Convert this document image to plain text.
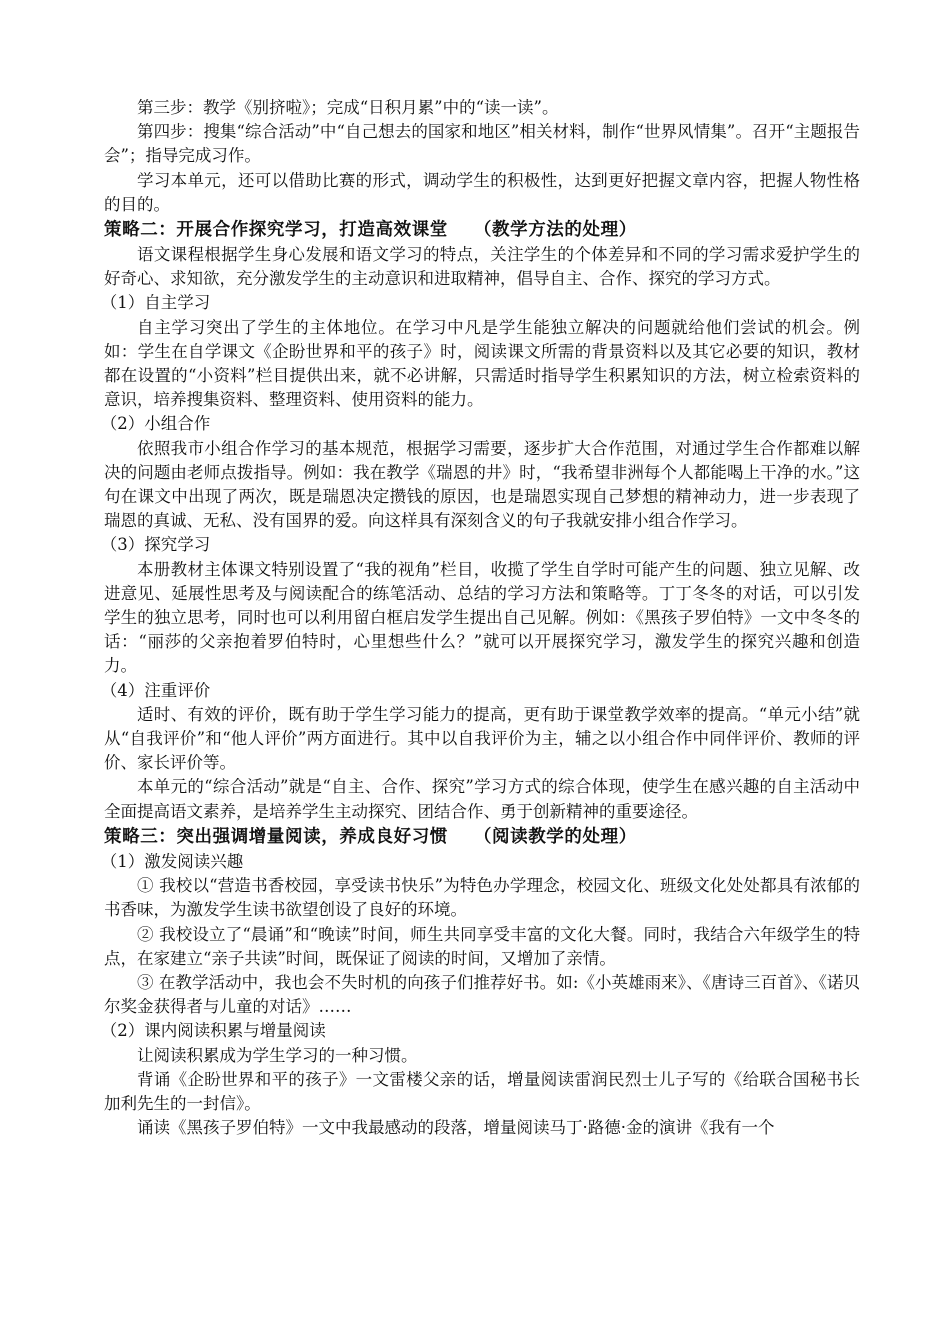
第三步：教学《别挤啦》；完成“日积月累”中的“读一读”。

第四步：搜集“综合活动”中“自己想去的国家和地区”相关材料，制作“世界风情集”。召开“主题报告会”；指导完成习作。

学习本单元，还可以借助比赛的形式，调动学生的积极性，达到更好把握文章内容，把握人物性格的目的。

策略二：开展合作探究学习，打造高效课堂 （教学方法的处理）

语文课程根据学生身心发展和语文学习的特点，关注学生的个体差异和不同的学习需求爱护学生的好奇心、求知欲，充分激发学生的主动意识和进取精神，倡导自主、合作、探究的学习方式。

（1）自主学习

自主学习突出了学生的主体地位。在学习中凡是学生能独立解决的问题就给他们尝试的机会。例如：学生在自学课文《企盼世界和平的孩子》时，阅读课文所需的背景资料以及其它必要的知识，教材都在设置的“小资料”栏目提供出来，就不必讲解，只需适时指导学生积累知识的方法，树立检索资料的意识，培养搜集资料、整理资料、使用资料的能力。

（2）小组合作

依照我市小组合作学习的基本规范，根据学习需要，逐步扩大合作范围，对通过学生合作都难以解决的问题由老师点拨指导。例如：我在教学《瑞恩的井》时，“我希望非洲每个人都能喝上干净的水。”这句在课文中出现了两次，既是瑞恩决定攒钱的原因，也是瑞恩实现自己梦想的精神动力，进一步表现了瑞恩的真诚、无私、没有国界的爱。向这样具有深刻含义的句子我就安排小组合作学习。

（3）探究学习

本册教材主体课文特别设置了“我的视角”栏目，收揽了学生自学时可能产生的问题、独立见解、改进意见、延展性思考及与阅读配合的练笔活动、总结的学习方法和策略等。丁丁冬冬的对话，可以引发学生的独立思考，同时也可以利用留白框启发学生提出自己见解。例如：《黑孩子罗伯特》一文中冬冬的话：“丽莎的父亲抱着罗伯特时，心里想些什么？”就可以开展探究学习，激发学生的探究兴趣和创造力。

（4）注重评价

适时、有效的评价，既有助于学生学习能力的提高，更有助于课堂教学效率的提高。“单元小结”就从“自我评价”和“他人评价”两方面进行。其中以自我评价为主，辅之以小组合作中同伴评价、教师的评价、家长评价等。

本单元的“综合活动”就是“自主、合作、探究”学习方式的综合体现，使学生在感兴趣的自主活动中全面提高语文素养，是培养学生主动探究、团结合作、勇于创新精神的重要途径。

策略三：突出强调增量阅读，养成良好习惯 （阅读教学的处理）

（1）激发阅读兴趣

① 我校以“营造书香校园，享受读书快乐”为特色办学理念，校园文化、班级文化处处都具有浓郁的书香味，为激发学生读书欲望创设了良好的环境。

② 我校设立了“晨诵”和“晚读”时间，师生共同享受丰富的文化大餐。同时，我结合六年级学生的特点，在家建立“亲子共读”时间，既保证了阅读的时间，又增加了亲情。

③ 在教学活动中，我也会不失时机的向孩子们推荐好书。如:《小英雄雨来》、《唐诗三百首》、《诺贝尔奖金获得者与儿童的对话》……

（2）课内阅读积累与增量阅读

让阅读积累成为学生学习的一种习惯。

背诵《企盼世界和平的孩子》一文雷楼父亲的话，增量阅读雷润民烈士儿子写的《给联合国秘书长加利先生的一封信》。

诵读《黑孩子罗伯特》一文中我最感动的段落，增量阅读马丁·路德·金的演讲《我有一个
